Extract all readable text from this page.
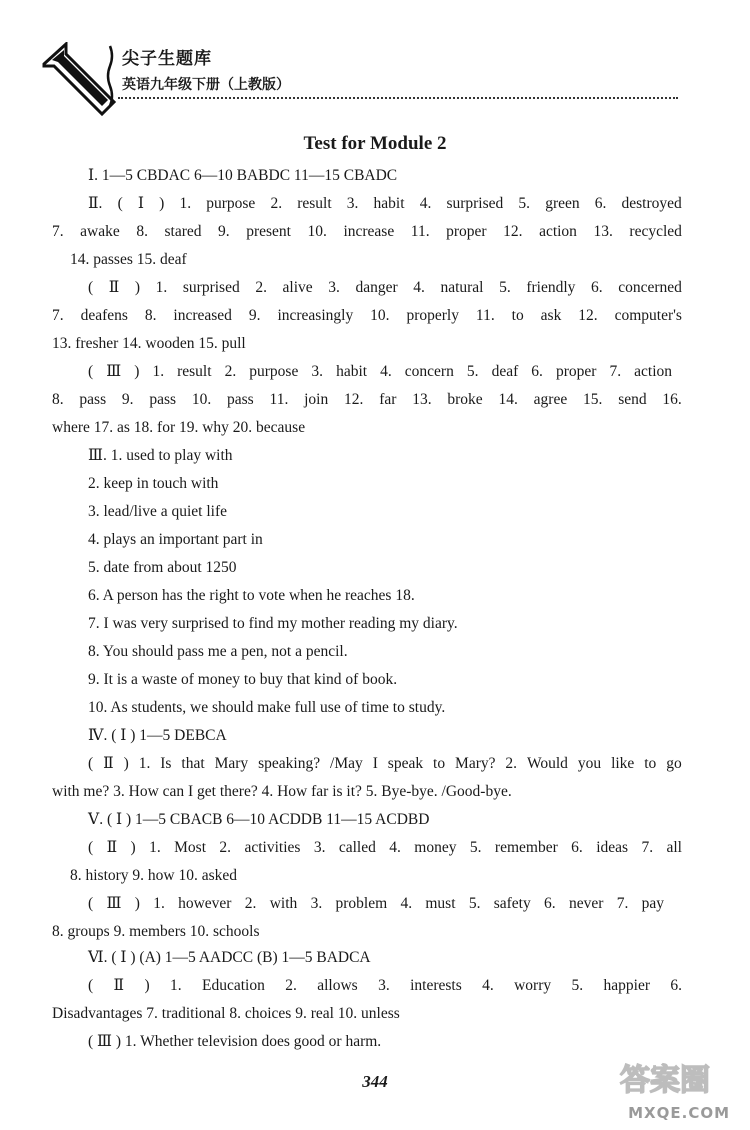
尖子生题库
英语九年级下册（上教版）
Test for Module 2
Ⅰ. 1—5 CBDAC 6—10 BABDC 11—15 CBADC
Ⅱ. ( Ⅰ ) 1. purpose 2. result 3. habit 4. surprised 5. green 6. destroyed
7. awake 8. stared 9. present 10. increase 11. proper 12. action 13. recycled
14. passes 15. deaf
( Ⅱ ) 1. surprised 2. alive 3. danger 4. natural 5. friendly 6. concerned
7. deafens 8. increased 9. increasingly 10. properly 11. to ask 12. computer's
13. fresher 14. wooden 15. pull
( Ⅲ ) 1. result 2. purpose 3. habit 4. concern 5. deaf 6. proper 7. action
8. pass 9. pass 10. pass 11. join 12. far 13. broke 14. agree 15. send 16.
where 17. as 18. for 19. why 20. because
Ⅲ. 1. used to play with
2. keep in touch with
3. lead/live a quiet life
4. plays an important part in
5. date from about 1250
6. A person has the right to vote when he reaches 18.
7. I was very surprised to find my mother reading my diary.
8. You should pass me a pen, not a pencil.
9. It is a waste of money to buy that kind of book.
10. As students, we should make full use of time to study.
Ⅳ. ( Ⅰ ) 1—5 DEBCA
( Ⅱ ) 1. Is that Mary speaking? /May I speak to Mary? 2. Would you like to go
with me? 3. How can I get there? 4. How far is it? 5. Bye-bye. /Good-bye.
Ⅴ. ( Ⅰ ) 1—5 CBACB 6—10 ACDDB 11—15 ACDBD
( Ⅱ ) 1. Most 2. activities 3. called 4. money 5. remember 6. ideas 7. all
8. history 9. how 10. asked
( Ⅲ ) 1. however 2. with 3. problem 4. must 5. safety 6. never 7. pay
8. groups 9. members 10. schools
Ⅵ. ( Ⅰ ) (A) 1—5 AADCC (B) 1—5 BADCA
( Ⅱ ) 1. Education 2. allows 3. interests 4. worry 5. happier 6.
Disadvantages 7. traditional 8. choices 9. real 10. unless
( Ⅲ ) 1. Whether television does good or harm.
344	答案圈
MXQE.COM
